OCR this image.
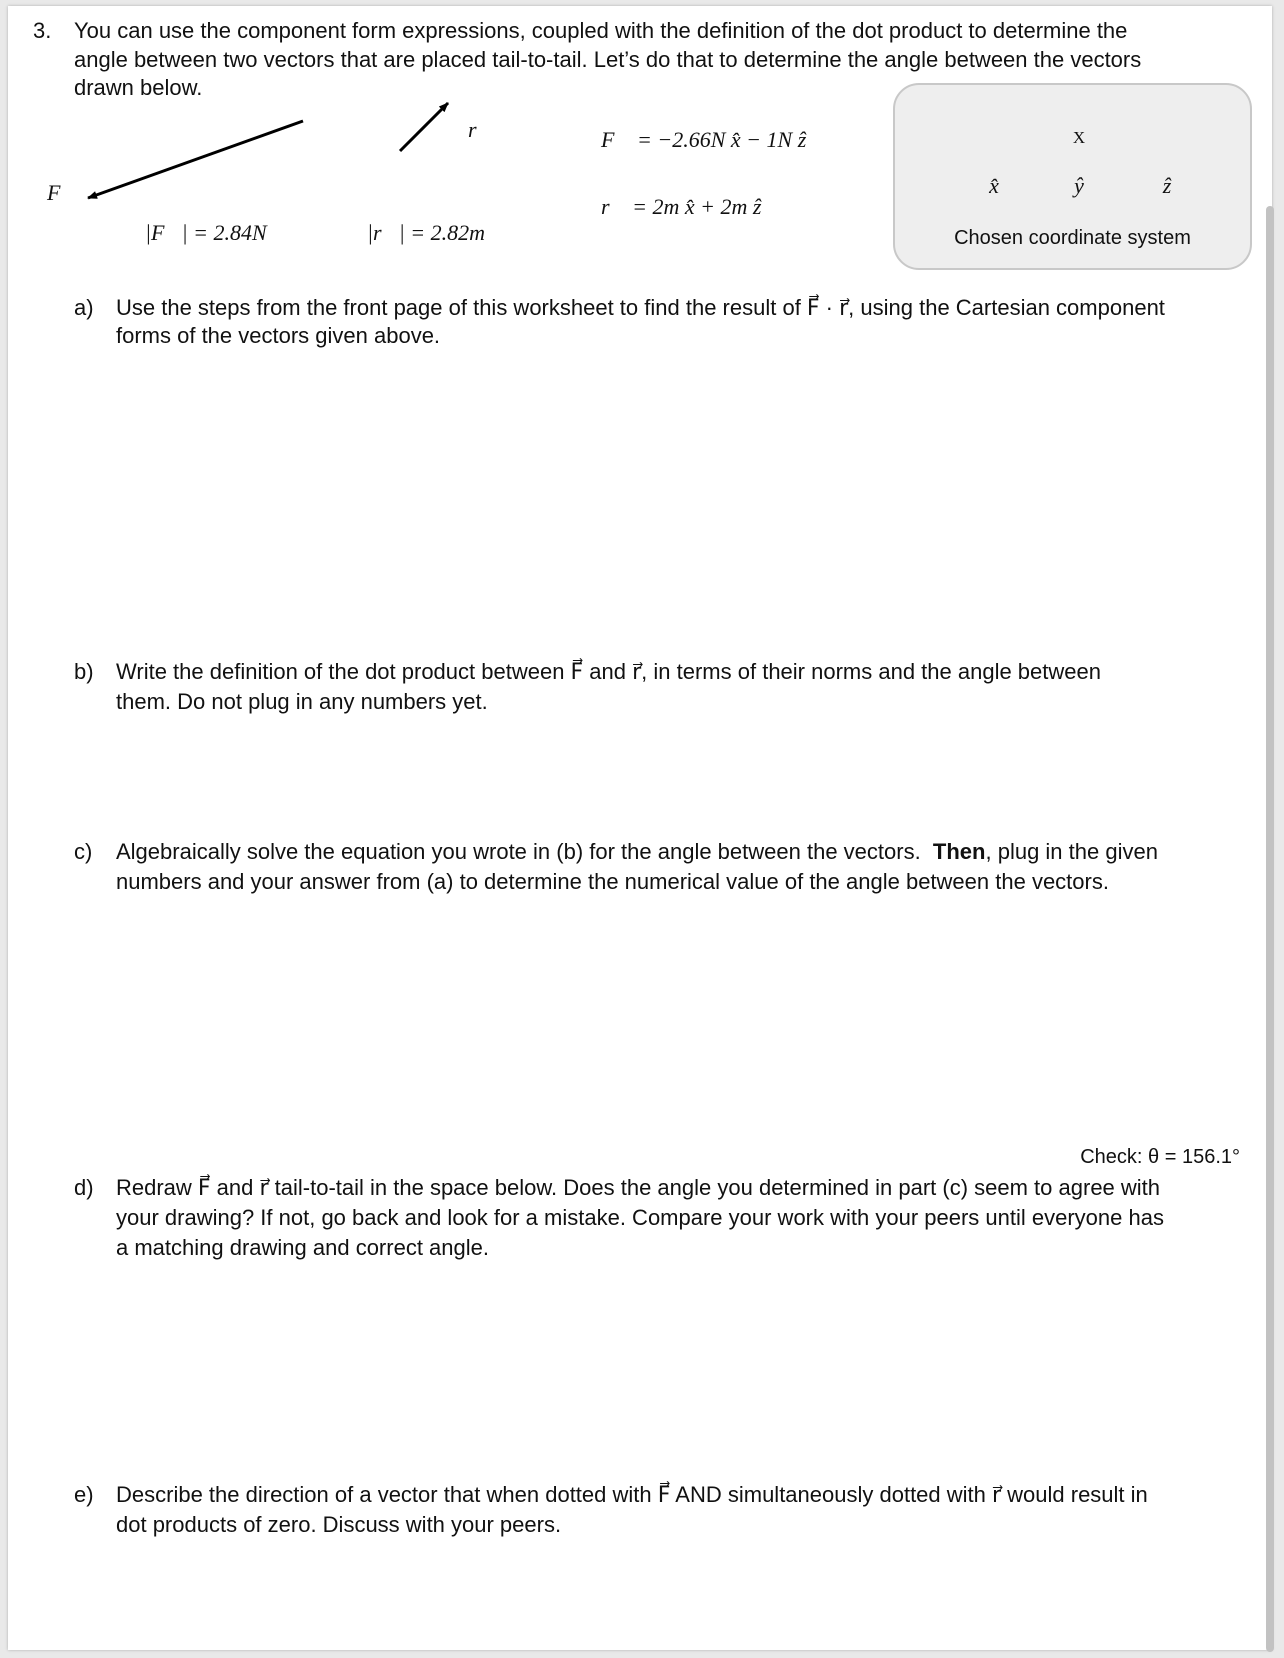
3. You can use the component form expressions, coupled with the definition of the dot product to determine the
angle between two vectors that are placed tail-to-tail. Let’s do that to determine the angle between the vectors
drawn below.
F⃗
r⃗
|F⃗| = 2.84N	|r⃗| = 2.82m
F⃗ = −2.66N x̂ − 1N ẑ
r⃗ = 2m x̂ + 2m ẑ
X
x̂	ŷ	ẑ
Chosen coordinate system
a) Use the steps from the front page of this worksheet to find the result of F⃗ · r⃗, using the Cartesian component
forms of the vectors given above.
b) Write the definition of the dot product between F⃗ and r⃗, in terms of their norms and the angle between
them. Do not plug in any numbers yet.
c) Algebraically solve the equation you wrote in (b) for the angle between the vectors. Then, plug in the given
numbers and your answer from (a) to determine the numerical value of the angle between the vectors.
Check: θ = 156.1°
d) Redraw F⃗ and r⃗ tail-to-tail in the space below. Does the angle you determined in part (c) seem to agree with
your drawing? If not, go back and look for a mistake. Compare your work with your peers until everyone has
a matching drawing and correct angle.
e) Describe the direction of a vector that when dotted with F⃗ AND simultaneously dotted with r⃗ would result in
dot products of zero. Discuss with your peers.
